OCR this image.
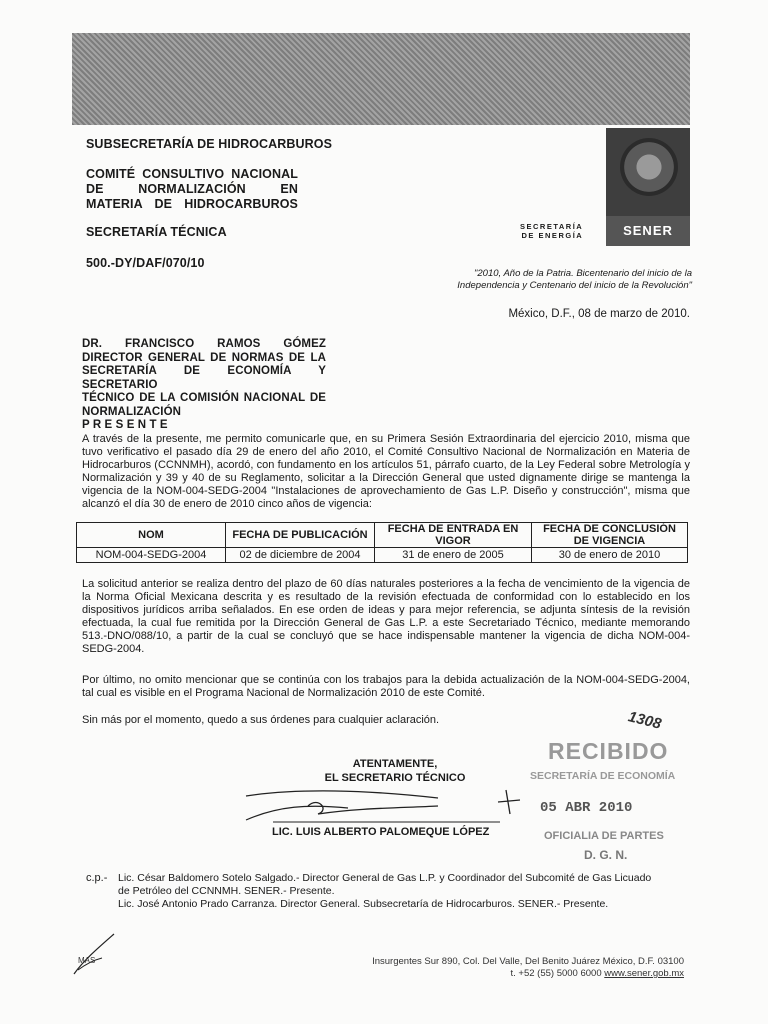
SUBSECRETARÍA DE HIDROCARBUROS
COMITÉ CONSULTIVO NACIONAL
DE NORMALIZACIÓN EN
MATERIA DE HIDROCARBUROS
SECRETARÍA TÉCNICA
500.-DY/DAF/070/10
SENER
SECRETARÍA
DE ENERGÍA
"2010, Año de la Patria. Bicentenario del inicio de la
Independencia y Centenario del inicio de la Revolución"
México, D.F., 08 de marzo de 2010.
DR. FRANCISCO RAMOS GÓMEZ
DIRECTOR GENERAL DE NORMAS DE LA
SECRETARÍA DE ECONOMÍA Y SECRETARIO
TÉCNICO DE LA COMISIÓN NACIONAL DE
NORMALIZACIÓN
P R E S E N T E
A través de la presente, me permito comunicarle que, en su Primera Sesión Extraordinaria del ejercicio 2010, misma que tuvo verificativo el pasado día 29 de enero del año 2010, el Comité Consultivo Nacional de Normalización en Materia de Hidrocarburos (CCNNMH), acordó, con fundamento en los artículos 51, párrafo cuarto, de la Ley Federal sobre Metrología y Normalización y 39 y 40 de su Reglamento, solicitar a la Dirección General que usted dignamente dirige se mantenga la vigencia de la NOM-004-SEDG-2004 "Instalaciones de aprovechamiento de Gas L.P. Diseño y construcción", misma que alcanzó el día 30 de enero de 2010 cinco años de vigencia:
NOM	FECHA DE PUBLICACIÓN	FECHA DE ENTRADA EN VIGOR	FECHA DE CONCLUSIÓN DE VIGENCIA
NOM-004-SEDG-2004	02 de diciembre de 2004	31 de enero de 2005	30 de enero de 2010
La solicitud anterior se realiza dentro del plazo de 60 días naturales posteriores a la fecha de vencimiento de la vigencia de la Norma Oficial Mexicana descrita y es resultado de la revisión efectuada de conformidad con lo establecido en los dispositivos jurídicos arriba señalados. En ese orden de ideas y para mejor referencia, se adjunta síntesis de la revisión efectuada, la cual fue remitida por la Dirección General de Gas L.P. a este Secretariado Técnico, mediante memorando 513.-DNO/088/10, a partir de la cual se concluyó que se hace indispensable mantener la vigencia de dicha NOM-004-SEDG-2004.
Por último, no omito mencionar que se continúa con los trabajos para la debida actualización de la NOM-004-SEDG-2004, tal cual es visible en el Programa Nacional de Normalización 2010 de este Comité.
Sin más por el momento, quedo a sus órdenes para cualquier aclaración.
ATENTAMENTE,
EL SECRETARIO TÉCNICO
LIC. LUIS ALBERTO PALOMEQUE LÓPEZ
1308
RECIBIDO
SECRETARÍA DE ECONOMÍA
05 ABR 2010
OFICIALIA DE PARTES
D. G. N.
c.p.- Lic. César Baldomero Sotelo Salgado.- Director General de Gas L.P. y Coordinador del Subcomité de Gas Licuado
de Petróleo del CCNNMH. SENER.- Presente.
Lic. José Antonio Prado Carranza. Director General. Subsecretaría de Hidrocarburos. SENER.- Presente.
MAS	Insurgentes Sur 890, Col. Del Valle, Del Benito Juárez México, D.F. 03100
t. +52 (55) 5000 6000 www.sener.gob.mx
